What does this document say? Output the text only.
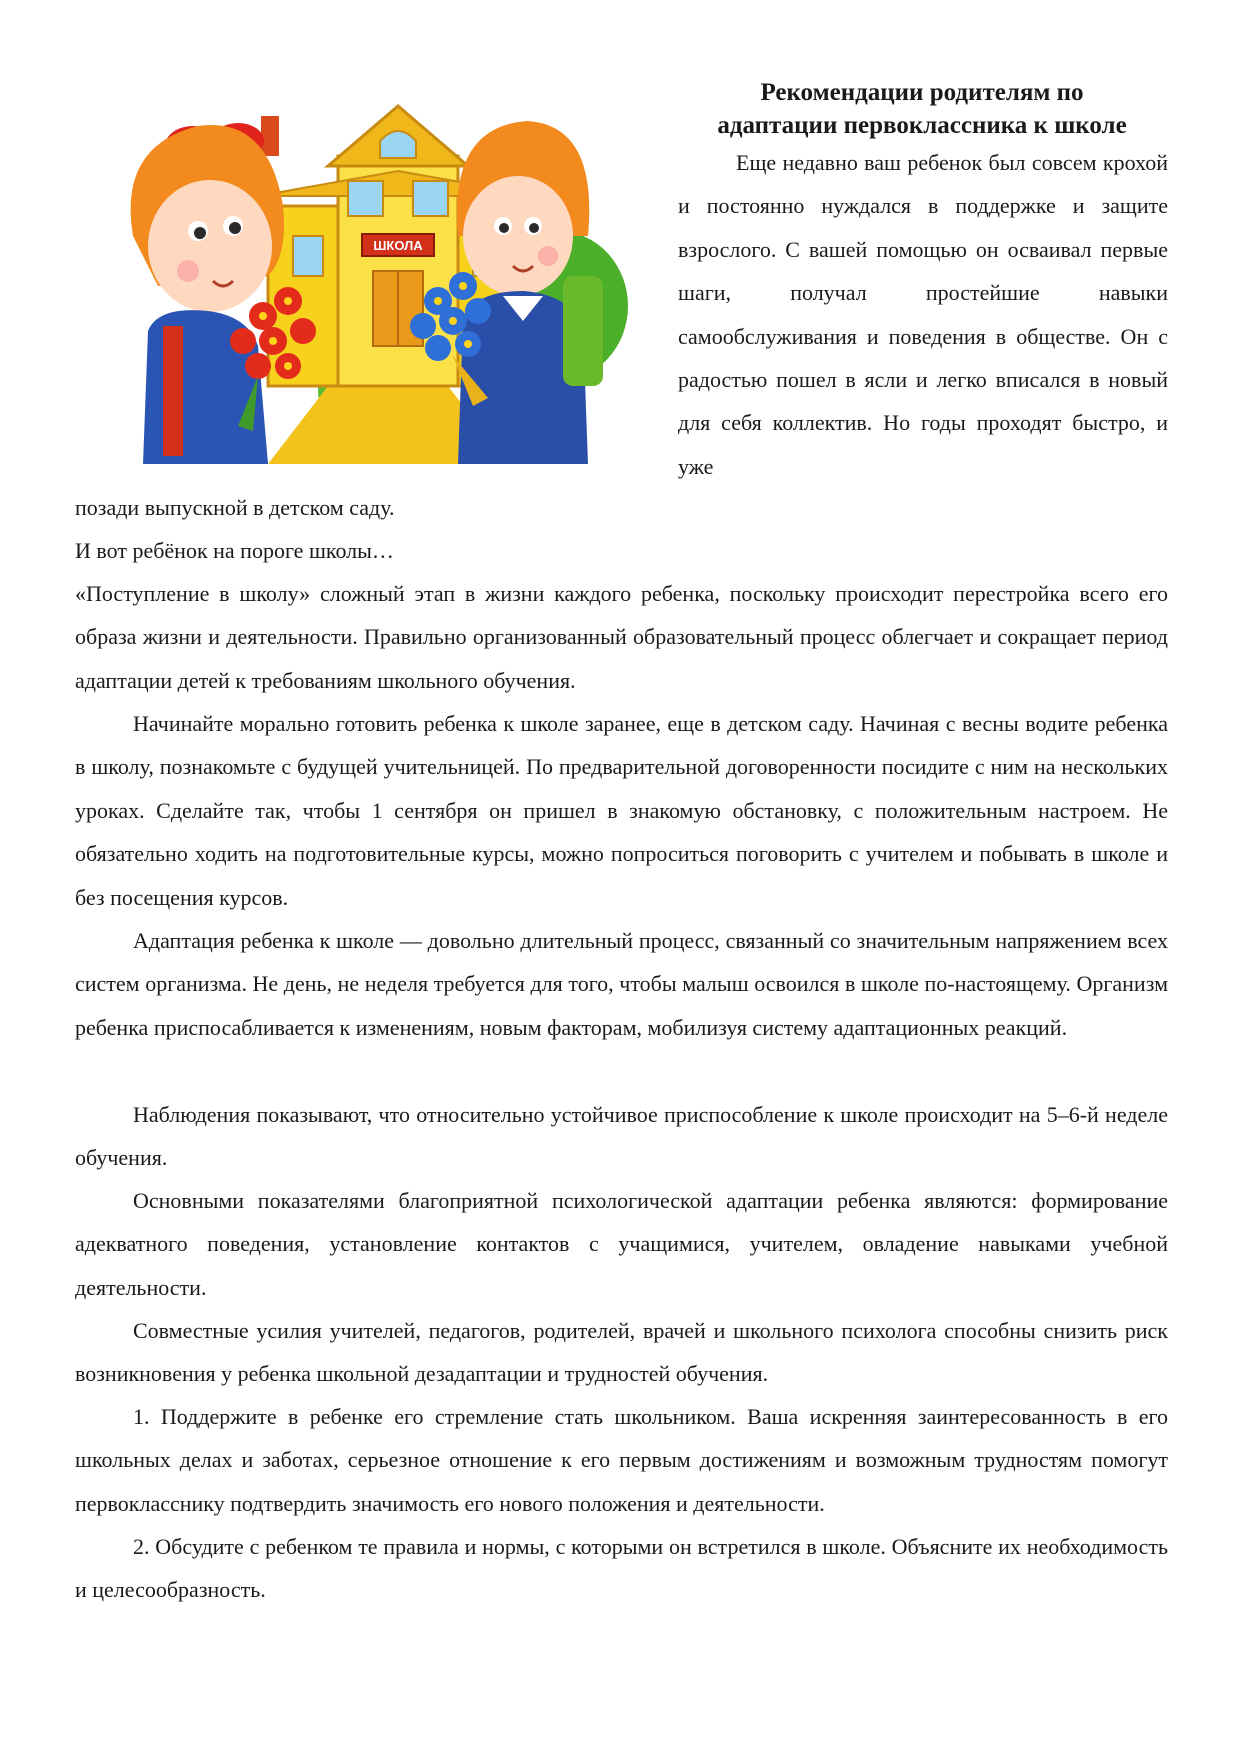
ШКОЛА
Рекомендации родителям по
адаптации первоклассника к школе

Еще недавно ваш ребенок был совсем крохой и постоянно нуждался в поддержке и защите взрослого. С вашей помощью он осваивал первые шаги, получал простейшие навыки самообслуживания и поведения в обществе. Он с радостью пошел в ясли и легко вписался в новый для себя коллектив. Но годы проходят быстро, и уже

позади выпускной в детском саду.

И вот ребёнок на пороге школы…

«Поступление в школу» сложный этап в жизни каждого ребенка, поскольку происходит перестройка всего его образа жизни и деятельности. Правильно организованный образовательный процесс облегчает и сокращает период адаптации детей к требованиям школьного обучения.

Начинайте морально готовить ребенка к школе заранее, еще в детском саду. Начиная с весны водите ребенка в школу, познакомьте с будущей учительницей. По предварительной договоренности посидите с ним на нескольких уроках. Сделайте так, чтобы 1 сентября он пришел в знакомую обстановку, с положительным настроем. Не обязательно ходить на подготовительные курсы, можно попроситься поговорить с учителем и побывать в школе и без посещения курсов.

Адаптация ребенка к школе — довольно длительный процесс, связанный со значительным напряжением всех систем организма. Не день, не неделя требуется для того, чтобы малыш освоился в школе по-настоящему. Организм ребенка приспосабливается к изменениям, новым факторам, мобилизуя систему адаптационных реакций.

Наблюдения показывают, что относительно устойчивое приспособление к школе происходит на 5–6-й неделе обучения.

Основными показателями благоприятной психологической адаптации ребенка являются: формирование адекватного поведения, установление контактов с учащимися, учителем, овладение навыками учебной деятельности.

Совместные усилия учителей, педагогов, родителей, врачей и школьного психолога способны снизить риск возникновения у ребенка школьной дезадаптации и трудностей обучения.

1. Поддержите в ребенке его стремление стать школьником. Ваша искренняя заинтересованность в его школьных делах и заботах, серьезное отношение к его первым достижениям и возможным трудностям помогут первокласснику подтвердить значимость его нового положения и деятельности.

2. Обсудите с ребенком те правила и нормы, с которыми он встретился в школе. Объясните их необходимость и целесообразность.
